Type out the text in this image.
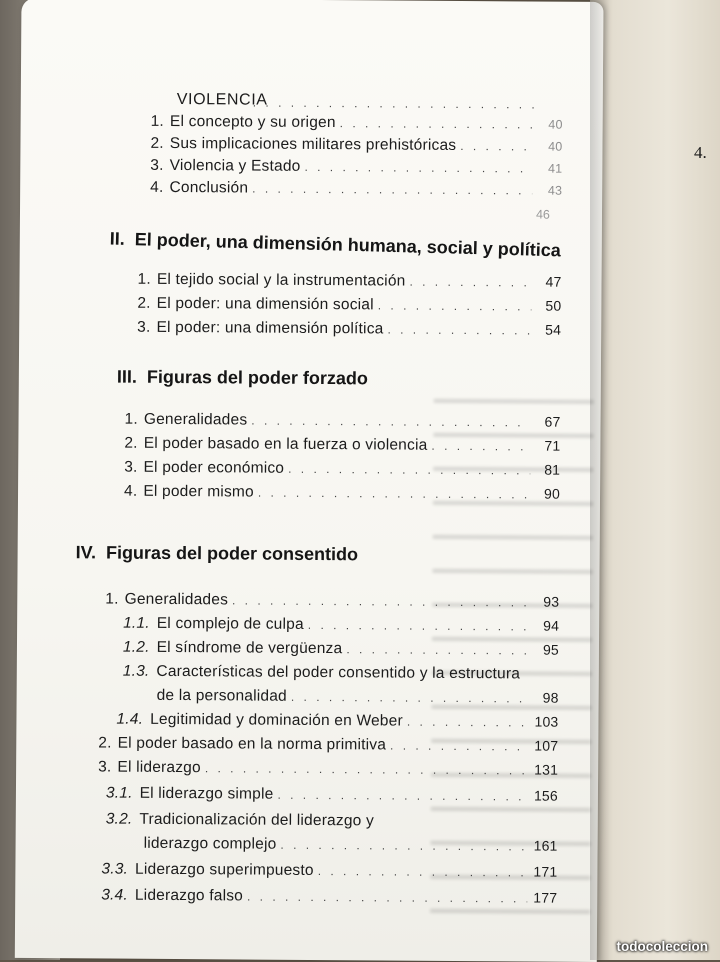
4.
VIOLENCIA
. . .
1. El concepto y su origen . . .	40
2. Sus implicaciones militares prehistóricas . . .	40
3. Violencia y Estado . . .	41
4. Conclusión . . .	43
46
II. El poder, una dimensión humana, social y política
1. El tejido social y la instrumentación . . .	47
2. El poder: una dimensión social . . .	50
3. El poder: una dimensión política . . .	54
III. Figuras del poder forzado
1. Generalidades . . .	67
2. El poder basado en la fuerza o violencia . . .	71
3. El poder económico . . .	81
4. El poder mismo . . .	90
IV. Figuras del poder consentido
1. Generalidades . . .	93
1.1. El complejo de culpa . . .	94
1.2. El síndrome de vergüenza . . .	95
1.3. Características del poder consentido y la estructura
de la personalidad . . .	98
1.4. Legitimidad y dominación en Weber . . .	103
2. El poder basado en la norma primitiva . . .	107
3. El liderazgo . . .	131
3.1. El liderazgo simple . . .	156
3.2. Tradicionalización del liderazgo y
liderazgo complejo . . .	161
3.3. Liderazgo superimpuesto . . .	171
3.4. Liderazgo falso . . .	177
todocoleccion
